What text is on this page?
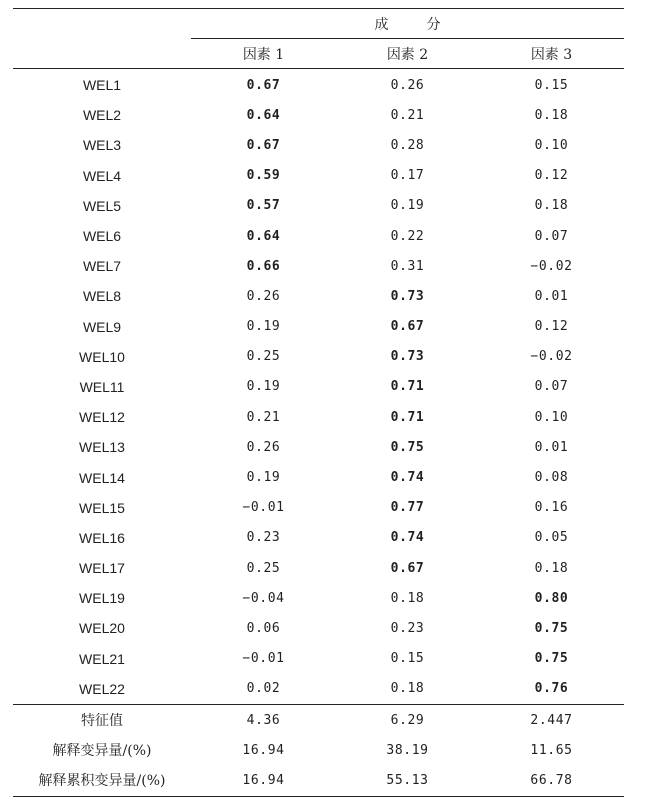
	成 分		
	因素 1	因素 2	因素 3
WEL1	0.67	0.26	0.15
WEL2	0.64	0.21	0.18
WEL3	0.67	0.28	0.10
WEL4	0.59	0.17	0.12
WEL5	0.57	0.19	0.18
WEL6	0.64	0.22	0.07
WEL7	0.66	0.31	−0.02
WEL8	0.26	0.73	0.01
WEL9	0.19	0.67	0.12
WEL10	0.25	0.73	−0.02
WEL11	0.19	0.71	0.07
WEL12	0.21	0.71	0.10
WEL13	0.26	0.75	0.01
WEL14	0.19	0.74	0.08
WEL15	−0.01	0.77	0.16
WEL16	0.23	0.74	0.05
WEL17	0.25	0.67	0.18
WEL19	−0.04	0.18	0.80
WEL20	0.06	0.23	0.75
WEL21	−0.01	0.15	0.75
WEL22	0.02	0.18	0.76
特征值	4.36	6.29	2.447
解释变异量/(%)	16.94	38.19	11.65
解释累积变异量/(%)	16.94	55.13	66.78
